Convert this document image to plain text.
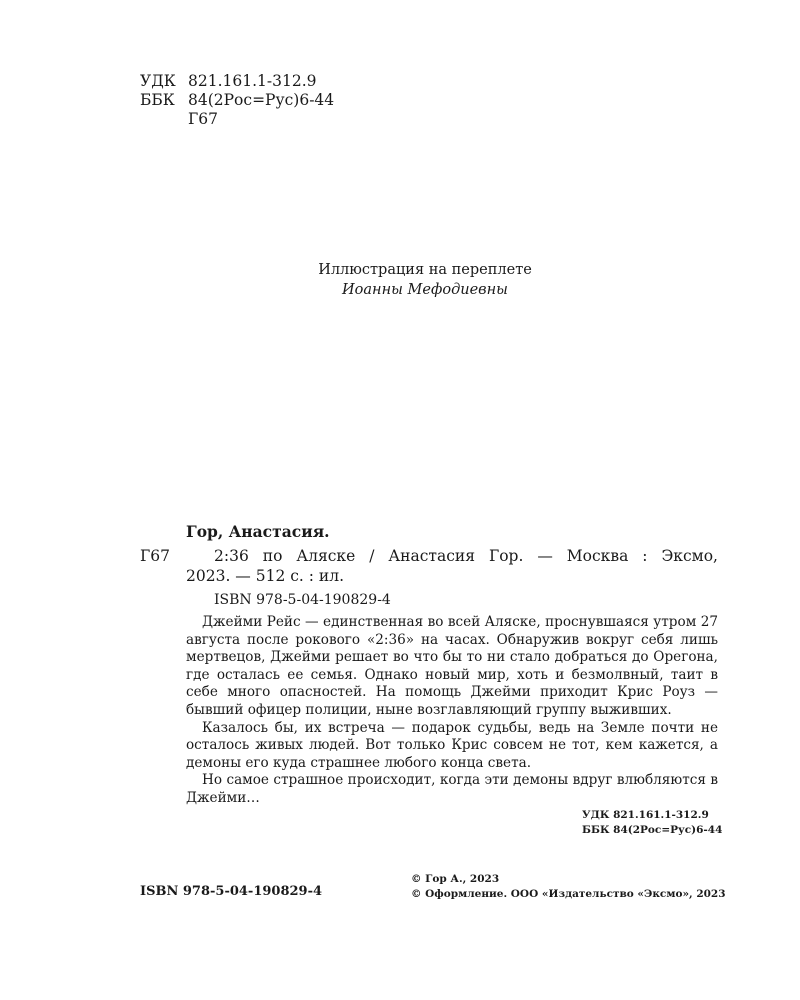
УДК 821.161.1-312.9
ББК 84(2Рос=Рус)6-44
Г67
Иллюстрация на переплете
Иоанны Мефодиевны
Гор, Анастасия.
Г67	2:36 по Аляске / Анастасия Гор. — Москва : Эксмо,
2023. — 512 с. : ил.
ISBN 978-5-04-190829-4

Джейми Рейс — единственная во всей Аляске, проснувшаяся утром 27 августа после рокового «2:36» на часах. Обнаружив вокруг себя лишь мертвецов, Джейми решает во что бы то ни стало добраться до Орегона, где осталась ее семья. Однако новый мир, хоть и безмолвный, таит в себе много опасностей. На помощь Джейми приходит Крис Роуз — бывший офицер полиции, ныне возглавляющий группу выживших.

Казалось бы, их встреча — подарок судьбы, ведь на Земле почти не осталось живых людей. Вот только Крис совсем не тот, кем кажется, а демоны его куда страшнее любого конца света.

Но самое страшное происходит, когда эти демоны вдруг влюбляются в Джейми…

УДК 821.161.1-312.9
ББК 84(2Рос=Рус)6-44
ISBN 978-5-04-190829-4
© Гор А., 2023
© Оформление. ООО «Издательство «Эксмо», 2023
